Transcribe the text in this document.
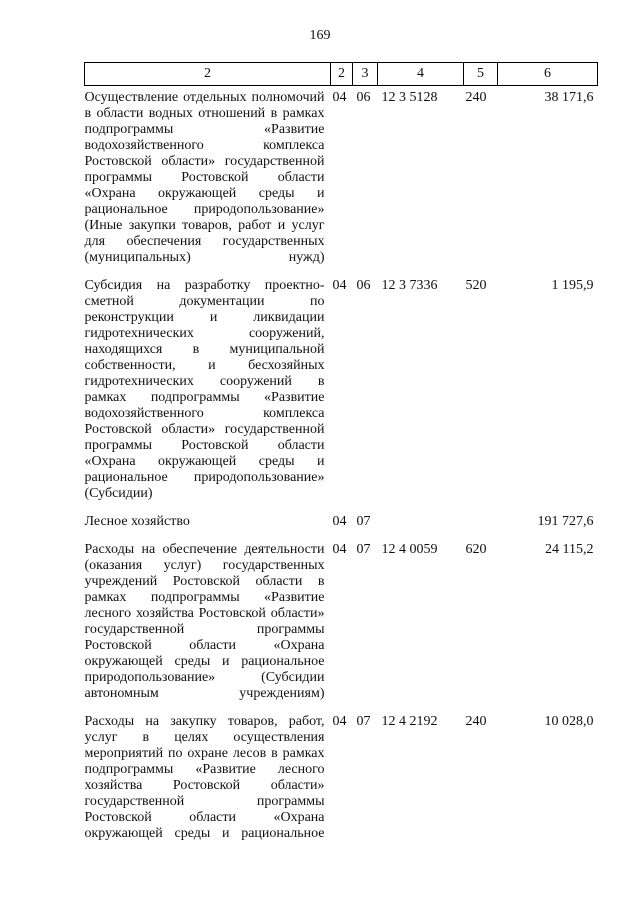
169
2	2	3	4	5	6
Осуществление отдельных полномочий в области водных отношений в рамках подпрограммы «Развитие водохозяйственного комплекса Ростовской области» государственной программы Ростовской области «Охрана окружающей среды и рациональное природопользование» (Иные закупки товаров, работ и услуг для обеспечения государственных (муниципальных) нужд)	04	06	12 3 5128	240	38 171,6
Субсидия на разработку проектно-сметной документации по реконструкции и ликвидации гидротехнических сооружений, находящихся в муниципальной собственности, и бесхозяйных гидротехнических сооружений в рамках подпрограммы «Развитие водохозяйственного комплекса Ростовской области» государственной программы Ростовской области «Охрана окружающей среды и рациональное природопользование» (Субсидии)	04	06	12 3 7336	520	1 195,9
Лесное хозяйство	04	07			191 727,6
Расходы на обеспечение деятельности (оказания услуг) государственных учреждений Ростовской области в рамках подпрограммы «Развитие лесного хозяйства Ростовской области» государственной программы Ростовской области «Охрана окружающей среды и рациональное природопользование» (Субсидии автономным учреждениям)	04	07	12 4 0059	620	24 115,2
Расходы на закупку товаров, работ, услуг в целях осуществления мероприятий по охране лесов в рамках подпрограммы «Развитие лесного хозяйства Ростовской области» государственной программы Ростовской области «Охрана окружающей среды и рациональное	04	07	12 4 2192	240	10 028,0
